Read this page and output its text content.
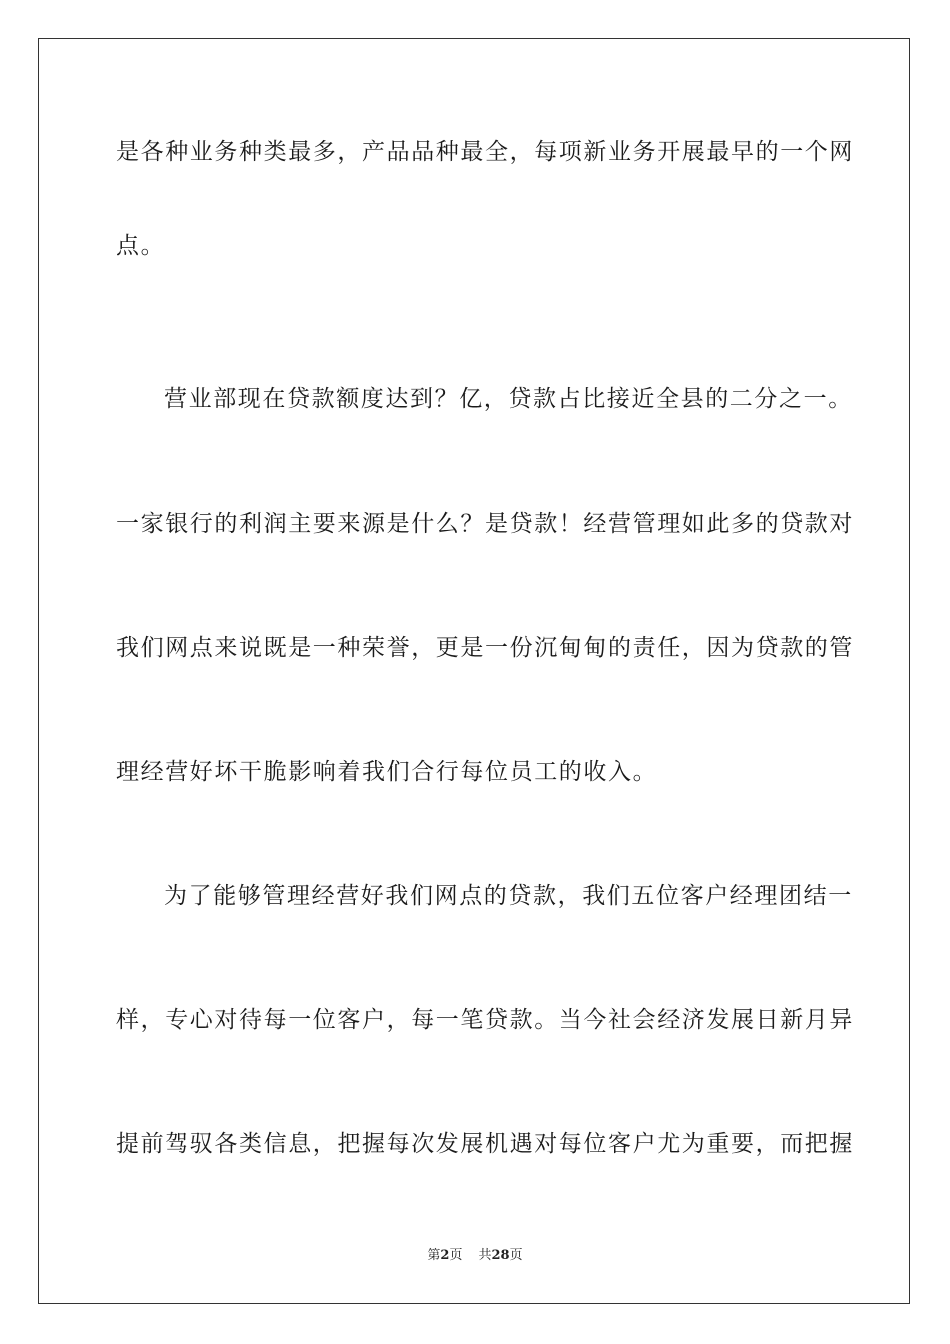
是各种业务种类最多，产品品种最全，每项新业务开展最早的一个网
点。
营业部现在贷款额度达到？亿，贷款占比接近全县的二分之一。
一家银行的利润主要来源是什么？是贷款！经营管理如此多的贷款对
我们网点来说既是一种荣誉，更是一份沉甸甸的责任，因为贷款的管
理经营好坏干脆影响着我们合行每位员工的收入。
为了能够管理经营好我们网点的贷款，我们五位客户经理团结一
样，专心对待每一位客户，每一笔贷款。当今社会经济发展日新月异
提前驾驭各类信息，把握每次发展机遇对每位客户尤为重要，而把握
第2页 共28页
